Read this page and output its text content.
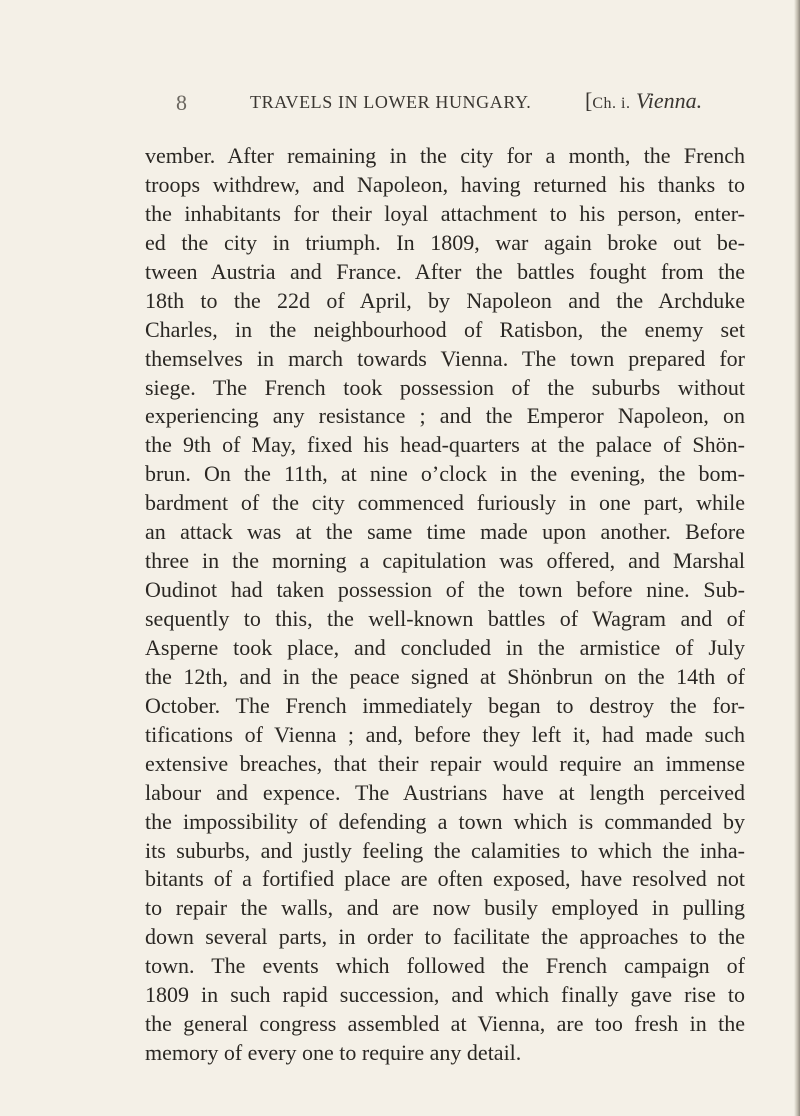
8	TRAVELS IN LOWER HUNGARY. [Ch. i. Vienna.
vember. After remaining in the city for a month, the French
troops withdrew, and Napoleon, having returned his thanks to
the inhabitants for their loyal attachment to his person, enter-
ed the city in triumph. In 1809, war again broke out be-
tween Austria and France. After the battles fought from the
18th to the 22d of April, by Napoleon and the Archduke
Charles, in the neighbourhood of Ratisbon, the enemy set
themselves in march towards Vienna. The town prepared for
siege. The French took possession of the suburbs without
experiencing any resistance ; and the Emperor Napoleon, on
the 9th of May, fixed his head-quarters at the palace of Shön-
brun. On the 11th, at nine o’clock in the evening, the bom-
bardment of the city commenced furiously in one part, while
an attack was at the same time made upon another. Before
three in the morning a capitulation was offered, and Marshal
Oudinot had taken possession of the town before nine. Sub-
sequently to this, the well-known battles of Wagram and of
Asperne took place, and concluded in the armistice of July
the 12th, and in the peace signed at Shönbrun on the 14th of
October. The French immediately began to destroy the for-
tifications of Vienna ; and, before they left it, had made such
extensive breaches, that their repair would require an immense
labour and expence. The Austrians have at length perceived
the impossibility of defending a town which is commanded by
its suburbs, and justly feeling the calamities to which the inha-
bitants of a fortified place are often exposed, have resolved not
to repair the walls, and are now busily employed in pulling
down several parts, in order to facilitate the approaches to the
town. The events which followed the French campaign of
1809 in such rapid succession, and which finally gave rise to
the general congress assembled at Vienna, are too fresh in the
memory of every one to require any detail.
